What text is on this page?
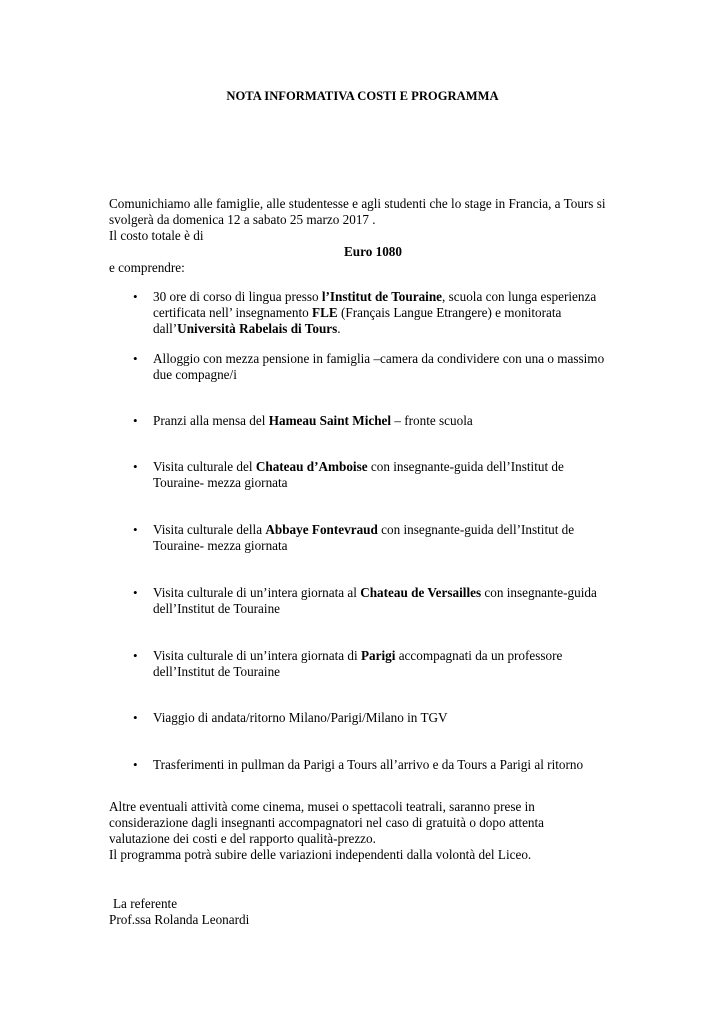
NOTA INFORMATIVA COSTI E PROGRAMMA
Comunichiamo alle famiglie, alle studentesse e agli studenti che lo stage in Francia, a Tours si
svolgerà da domenica 12 a sabato 25 marzo 2017 .
Il costo totale è di
Euro 1080
e comprendre:
• 30 ore di corso di lingua presso l’Institut de Touraine, scuola con lunga esperienza
certificata nell’ insegnamento FLE (Français Langue Etrangere) e monitorata
dall’Università Rabelais di Tours.
• Alloggio con mezza pensione in famiglia –camera da condividere con una o massimo
due compagne/i
• Pranzi alla mensa del Hameau Saint Michel – fronte scuola
• Visita culturale del Chateau d’Amboise con insegnante-guida dell’Institut de
Touraine- mezza giornata
• Visita culturale della Abbaye Fontevraud con insegnante-guida dell’Institut de
Touraine- mezza giornata
• Visita culturale di un’intera giornata al Chateau de Versailles con insegnante-guida
dell’Institut de Touraine
• Visita culturale di un’intera giornata di Parigi accompagnati da un professore
dell’Institut de Touraine
• Viaggio di andata/ritorno Milano/Parigi/Milano in TGV
• Trasferimenti in pullman da Parigi a Tours all’arrivo e da Tours a Parigi al ritorno
Altre eventuali attività come cinema, musei o spettacoli teatrali, saranno prese in
considerazione dagli insegnanti accompagnatori nel caso di gratuità o dopo attenta
valutazione dei costi e del rapporto qualità-prezzo.
Il programma potrà subire delle variazioni independenti dalla volontà del Liceo.
La referente
Prof.ssa Rolanda Leonardi
